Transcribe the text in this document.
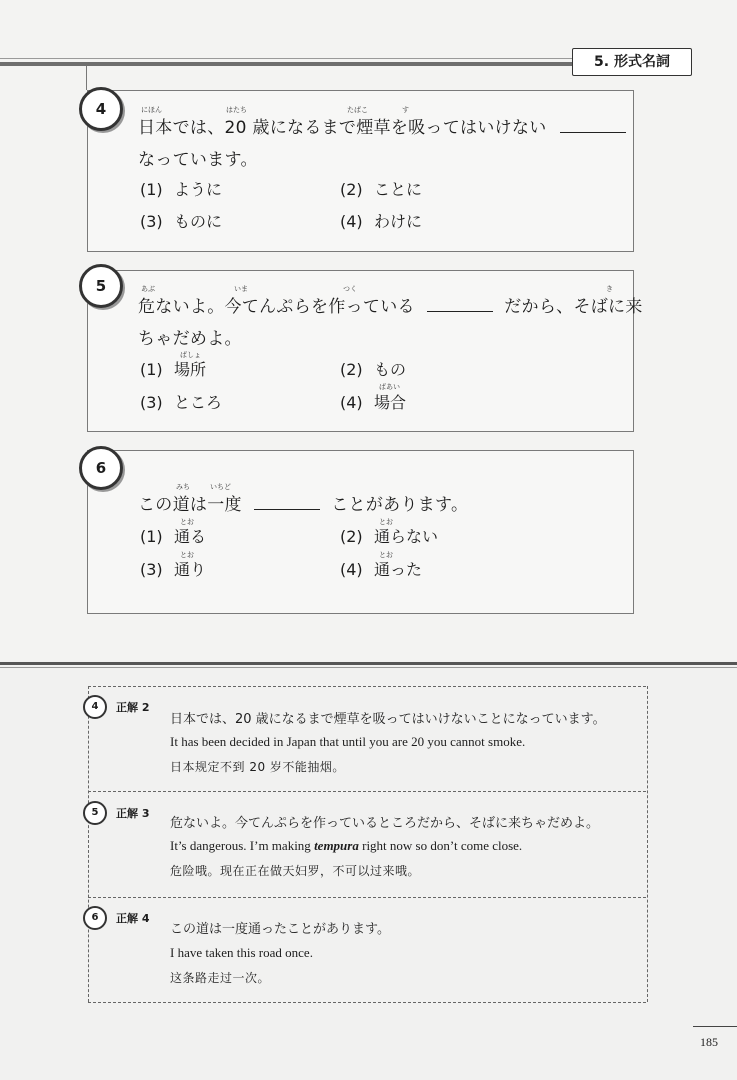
5. 形式名詞
4	にほん	はたち	たばこ	す
日本では、20 歳になるまで煙草を吸ってはいけない
なっています。
(1) ように	(2) ことに
(3) ものに	(4) わけに
5	あぶ	いま	つく	き
危ないよ。今てんぷらを作っている	だから、そばに来
ちゃだめよ。
ばしょ
(1) 場所	(2) もの
ばあい
(3) ところ	(4) 場合
6
みち	いちど
この道は一度	ことがあります。
とお	とお
(1) 通る	(2) 通らない
とお	とお
(3) 通り	(4) 通った
4	正解 2
日本では、20 歳になるまで煙草を吸ってはいけないことになっています。
It has been decided in Japan that until you are 20 you cannot smoke.
日本规定不到 20 岁不能抽烟。
5	正解 3
危ないよ。今てんぷらを作っているところだから、そばに来ちゃだめよ。
It’s dangerous. I’m making tempura right now so don’t come close.
危险哦。现在正在做天妇罗，不可以过来哦。
6	正解 4
この道は一度通ったことがあります。
I have taken this road once.
这条路走过一次。
185
